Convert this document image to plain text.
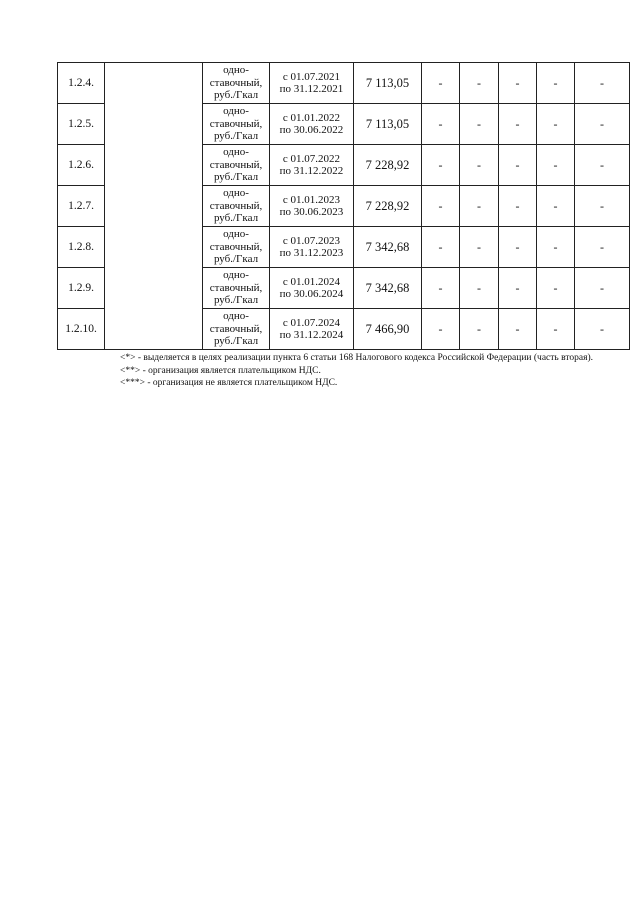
1.2.4.		одно-
ставочный,
руб./Гкал	с 01.07.2021
по 31.12.2021	7 113,05	-	-	-	-	-
1.2.5.		одно-
ставочный,
руб./Гкал	с 01.01.2022
по 30.06.2022	7 113,05	-	-	-	-	-
1.2.6.		одно-
ставочный,
руб./Гкал	с 01.07.2022
по 31.12.2022	7 228,92	-	-	-	-	-
1.2.7.		одно-
ставочный,
руб./Гкал	с 01.01.2023
по 30.06.2023	7 228,92	-	-	-	-	-
1.2.8.		одно-
ставочный,
руб./Гкал	с 01.07.2023
по 31.12.2023	7 342,68	-	-	-	-	-
1.2.9.		одно-
ставочный,
руб./Гкал	с 01.01.2024
по 30.06.2024	7 342,68	-	-	-	-	-
1.2.10.		одно-
ставочный,
руб./Гкал	с 01.07.2024
по 31.12.2024	7 466,90	-	-	-	-	-

<*> - выделяется в целях реализации пункта 6 статьи 168 Налогового кодекса Российской Федерации (часть вторая).

<**> - организация является плательщиком НДС.

<***> - организация не является плательщиком НДС.
